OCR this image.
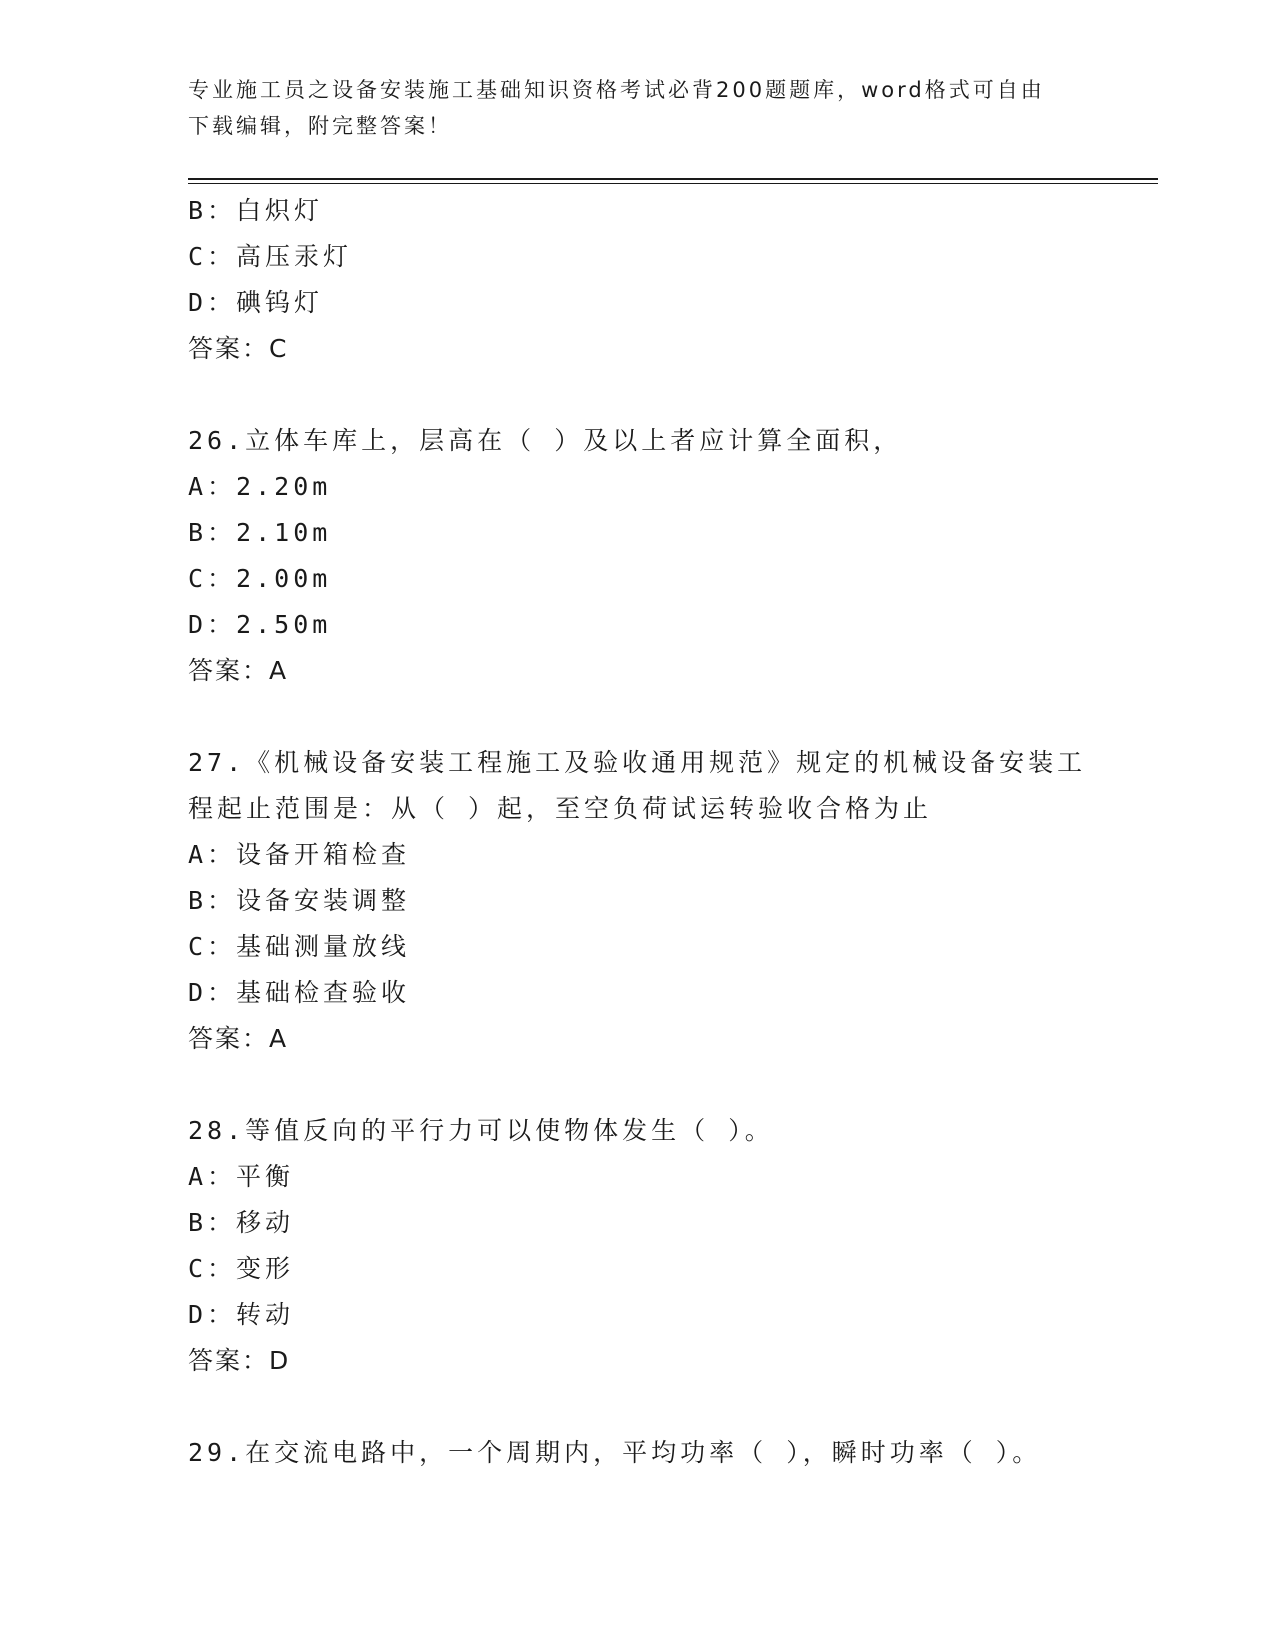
专业施工员之设备安装施工基础知识资格考试必背200题题库，word格式可自由
下载编辑，附完整答案！
B：白炽灯
C：高压汞灯
D：碘钨灯
答案：C
26.立体车库上，层高在（ ）及以上者应计算全面积，
A：2.20m
B：2.10m
C：2.00m
D：2.50m
答案：A
27.《机械设备安装工程施工及验收通用规范》规定的机械设备安装工
程起止范围是：从（ ）起，至空负荷试运转验收合格为止
A：设备开箱检查
B：设备安装调整
C：基础测量放线
D：基础检查验收
答案：A
28.等值反向的平行力可以使物体发生（ ）。
A：平衡
B：移动
C：变形
D：转动
答案：D
29.在交流电路中，一个周期内，平均功率（ ），瞬时功率（ ）。
